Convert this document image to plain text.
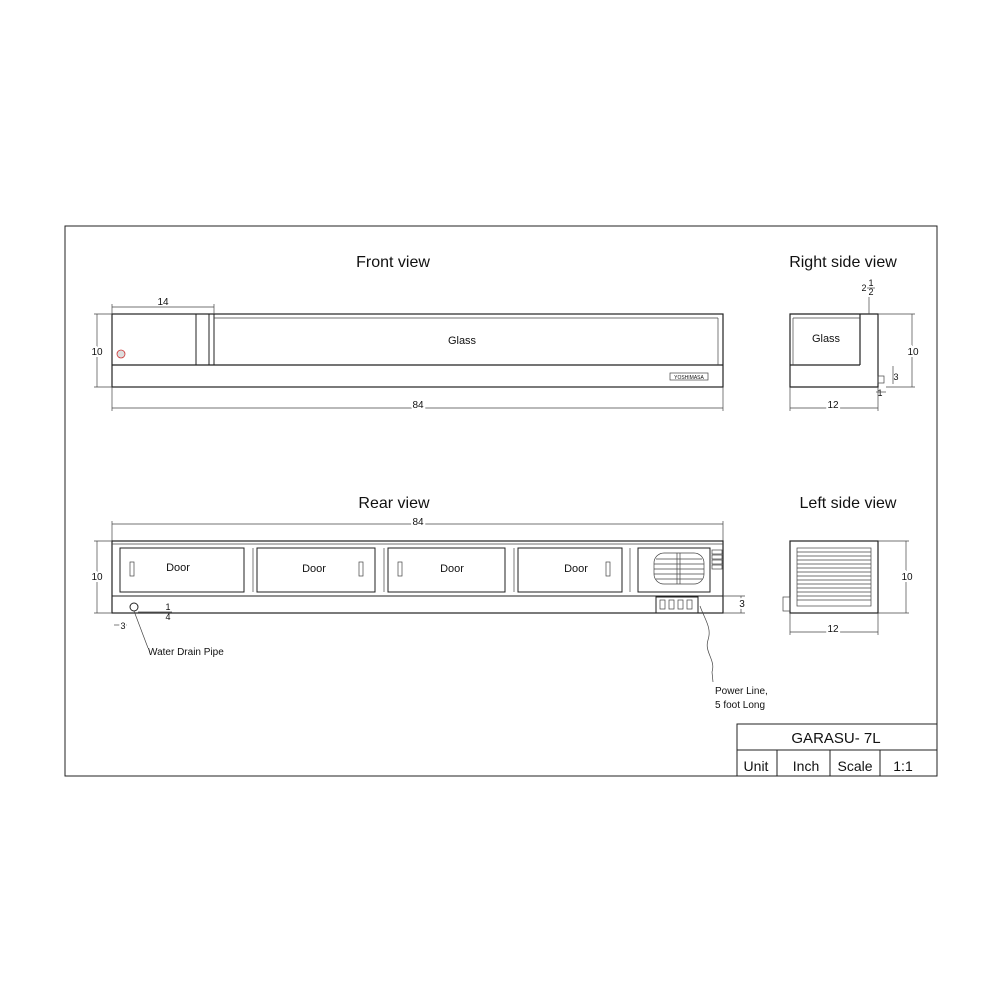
Front view
Glass
YOSHIMASA
14
10
84
Right side view
Glass
2 1
2
3
1
10
12
Rear view
84
Door	Door	Door	Door
Power Line,
5 foot Long
Water Drain Pipe
1
4
3
10
3
Left side view
10
12
GARASU- 7L
Unit Inch Scale 1:1
